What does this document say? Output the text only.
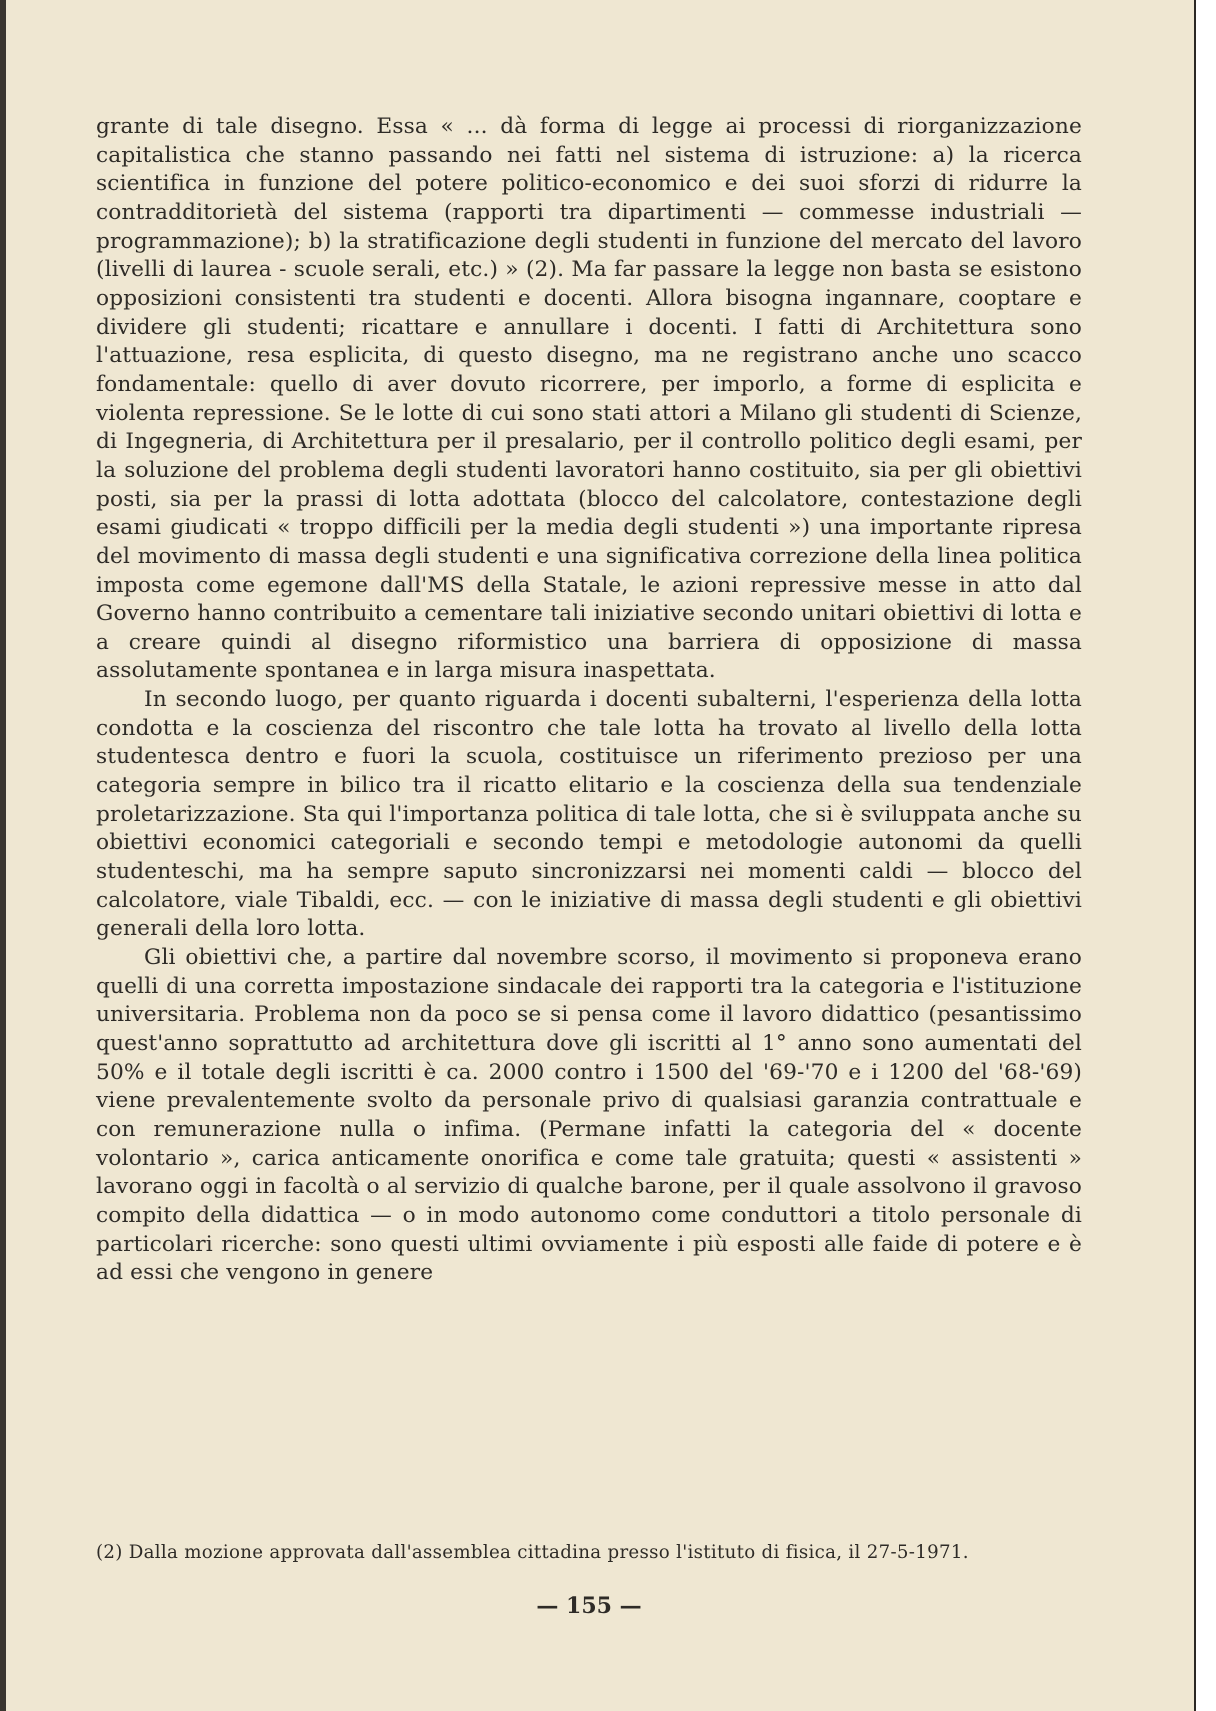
grante di tale disegno. Essa « ... dà forma di legge ai processi di riorganizzazione capitalistica che stanno passando nei fatti nel sistema di istruzione: a) la ricerca scientifica in funzione del potere politico-economico e dei suoi sforzi di ridurre la contradditorietà del sistema (rapporti tra dipartimenti — commesse industriali — programmazione); b) la stratificazione degli studenti in funzione del mercato del lavoro (livelli di laurea - scuole serali, etc.) » (2). Ma far passare la legge non basta se esistono opposizioni consistenti tra studenti e docenti. Allora bisogna ingannare, cooptare e dividere gli studenti; ricattare e annullare i docenti. I fatti di Architettura sono l'attuazione, resa esplicita, di questo disegno, ma ne registrano anche uno scacco fondamentale: quello di aver dovuto ricorrere, per imporlo, a forme di esplicita e violenta repressione. Se le lotte di cui sono stati attori a Milano gli studenti di Scienze, di Ingegneria, di Architettura per il presalario, per il controllo politico degli esami, per la soluzione del problema degli studenti lavoratori hanno costituito, sia per gli obiettivi posti, sia per la prassi di lotta adottata (blocco del calcolatore, contestazione degli esami giudicati « troppo difficili per la media degli studenti ») una importante ripresa del movimento di massa degli studenti e una significativa correzione della linea politica imposta come egemone dall'MS della Statale, le azioni repressive messe in atto dal Governo hanno contribuito a cementare tali iniziative secondo unitari obiettivi di lotta e a creare quindi al disegno riformistico una barriera di opposizione di massa assolutamente spontanea e in larga misura inaspettata.

In secondo luogo, per quanto riguarda i docenti subalterni, l'esperienza della lotta condotta e la coscienza del riscontro che tale lotta ha trovato al livello della lotta studentesca dentro e fuori la scuola, costituisce un riferimento prezioso per una categoria sempre in bilico tra il ricatto elitario e la coscienza della sua tendenziale proletarizzazione. Sta qui l'importanza politica di tale lotta, che si è sviluppata anche su obiettivi economici categoriali e secondo tempi e metodologie autonomi da quelli studenteschi, ma ha sempre saputo sincronizzarsi nei momenti caldi — blocco del calcolatore, viale Tibaldi, ecc. — con le iniziative di massa degli studenti e gli obiettivi generali della loro lotta.

Gli obiettivi che, a partire dal novembre scorso, il movimento si proponeva erano quelli di una corretta impostazione sindacale dei rapporti tra la categoria e l'istituzione universitaria. Problema non da poco se si pensa come il lavoro didattico (pesantissimo quest'anno soprattutto ad architettura dove gli iscritti al 1° anno sono aumentati del 50% e il totale degli iscritti è ca. 2000 contro i 1500 del '69-'70 e i 1200 del '68-'69) viene prevalentemente svolto da personale privo di qualsiasi garanzia contrattuale e con remunerazione nulla o infima. (Permane infatti la categoria del « docente volontario », carica anticamente onorifica e come tale gratuita; questi « assistenti » lavorano oggi in facoltà o al servizio di qualche barone, per il quale assolvono il gravoso compito della didattica — o in modo autonomo come conduttori a titolo personale di particolari ricerche: sono questi ultimi ovviamente i più esposti alle faide di potere e è ad essi che vengono in genere

(2) Dalla mozione approvata dall'assemblea cittadina presso l'istituto di fisica, il 27-5-1971.
— 155 —
